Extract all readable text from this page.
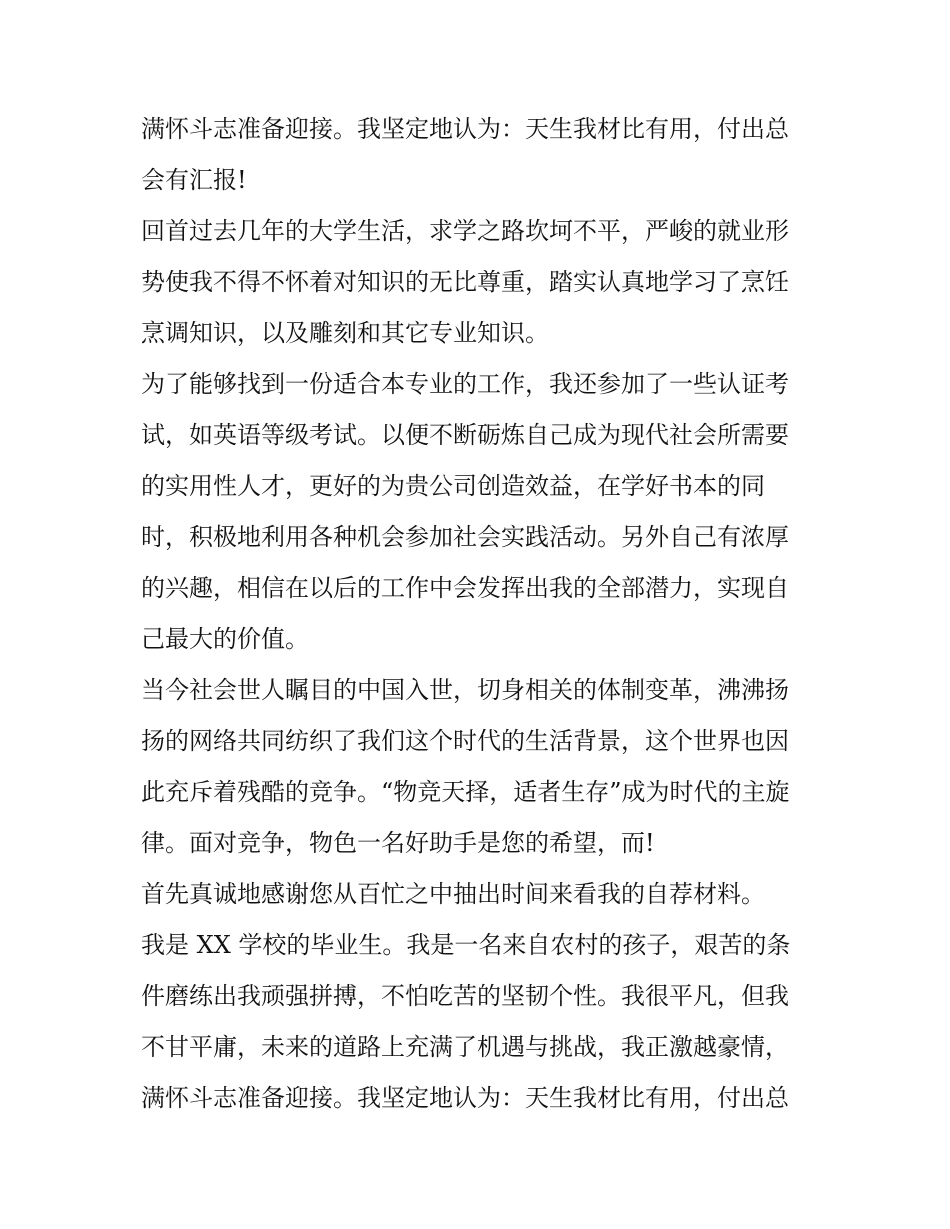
满怀斗志准备迎接。我坚定地认为：天生我材比有用，付出总
会有汇报!
回首过去几年的大学生活，求学之路坎坷不平，严峻的就业形
势使我不得不怀着对知识的无比尊重，踏实认真地学习了烹饪
烹调知识，以及雕刻和其它专业知识。
为了能够找到一份适合本专业的工作，我还参加了一些认证考
试，如英语等级考试。以便不断砺炼自己成为现代社会所需要
的实用性人才，更好的为贵公司创造效益，在学好书本的同
时，积极地利用各种机会参加社会实践活动。另外自己有浓厚
的兴趣，相信在以后的工作中会发挥出我的全部潜力，实现自
己最大的价值。
当今社会世人瞩目的中国入世，切身相关的体制变革，沸沸扬
扬的网络共同纺织了我们这个时代的生活背景，这个世界也因
此充斥着残酷的竞争。“物竞天择，适者生存”成为时代的主旋
律。面对竞争，物色一名好助手是您的希望，而!
首先真诚地感谢您从百忙之中抽出时间来看我的自荐材料。
我是 XX 学校的毕业生。我是一名来自农村的孩子，艰苦的条
件磨练出我顽强拼搏，不怕吃苦的坚韧个性。我很平凡，但我
不甘平庸，未来的道路上充满了机遇与挑战，我正激越豪情，
满怀斗志准备迎接。我坚定地认为：天生我材比有用，付出总
